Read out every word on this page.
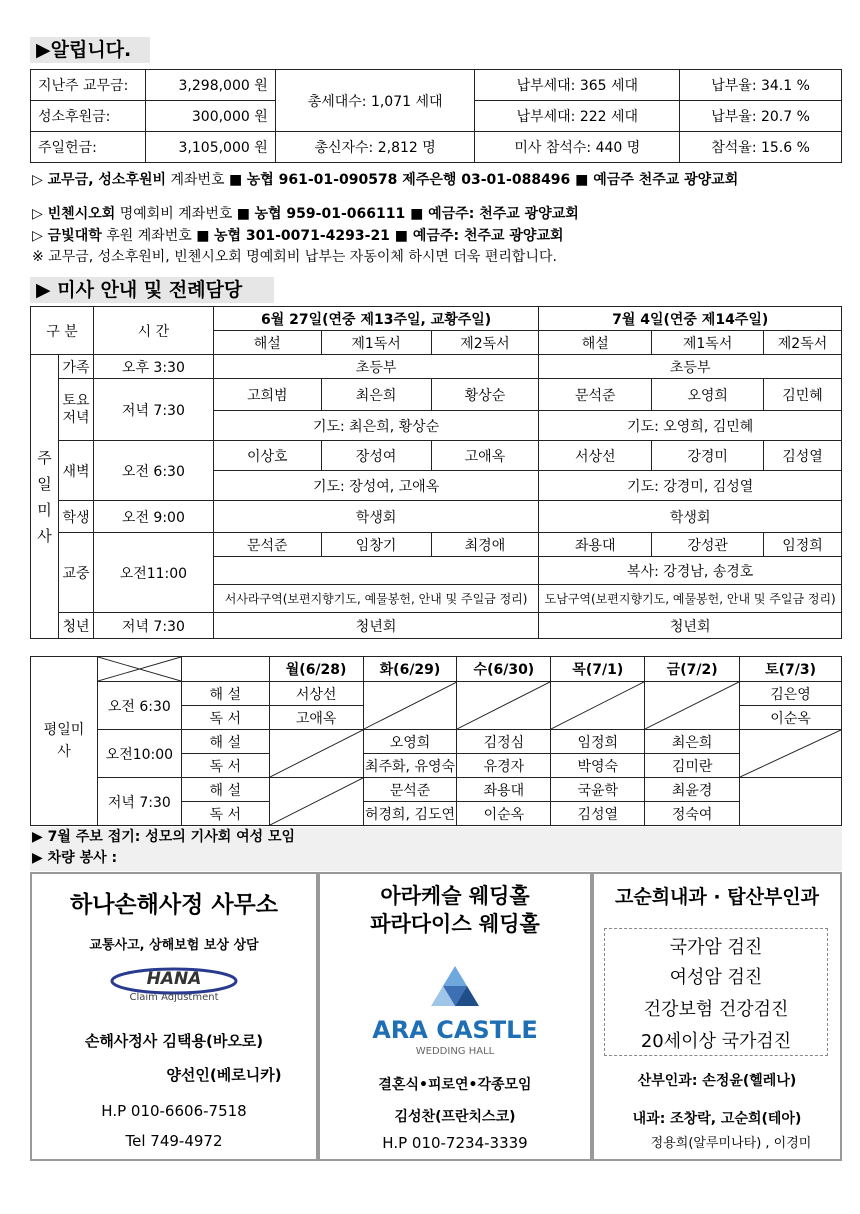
▶알립니다.
지난주 교무금:	3,298,000 원	총세대수: 1,071 세대	납부세대: 365 세대	납부율: 34.1 %
성소후원금:	300,000 원		납부세대: 222 세대	납부율: 20.7 %
주일헌금:	3,105,000 원	총신자수: 2,812 명	미사 참석수: 440 명	참석율: 15.6 %
▷ 교무금, 성소후원비 계좌번호 ■ 농협 961-01-090578 제주은행 03-01-088496 ■ 예금주 천주교 광양교회
▷ 빈첸시오회 명예회비 계좌번호 ■ 농협 959-01-066111 ■ 예금주: 천주교 광양교회
▷ 금빛대학 후원 계좌번호 ■ 농협 301-0071-4293-21 ■ 예금주: 천주교 광양교회
※ 교무금, 성소후원비, 빈첸시오회 명예회비 납부는 자동이체 하시면 더욱 편리합니다.
▶ 미사 안내 및 전례담당
구 분		시 간	6월 27일(연중 제13주일, 교황주일)			7월 4일(연중 제14주일)		
			해설	제1독서	제2독서	해설	제1독서	제2독서
주일미사	가족	오후 3:30	초등부			초등부		
	토요저녁	저녁 7:30	고희범	최은희	황상순	문석준	오영희	김민혜
			기도: 최은희, 황상순			기도: 오영희, 김민혜		
	새벽	오전 6:30	이상호	장성여	고애옥	서상선	강경미	김성열
			기도: 장성여, 고애옥			기도: 강경미, 김성열		
	학생	오전 9:00	학생회			학생회		
	교중	오전11:00	문석준	임창기	최경애	좌용대	강성관	임정희
						복사: 강경남, 송경호		
			서사라구역(보편지향기도, 예물봉헌, 안내 및 주일금 정리)			도남구역(보편지향기도, 예물봉헌, 안내 및 주일금 정리)		
	청년	저녁 7:30	청년회			청년회		
평일미사			월(6/28)	화(6/29)	수(6/30)	목(7/1)	금(7/2)	토(7/3)
	오전 6:30	해 설	서상선					김은영
		독 서	고애옥					이순옥
	오전10:00	해 설		오영희	김정심	임정희	최은희	

		독 서		최주화, 유영숙	유경자	박영숙	김미란	
	저녁 7:30	해 설		문석준	좌용대	국윤학	최윤경	
		독 서		허경희, 김도연	이순옥	김성열	정숙여	
▶ 7월 주보 접기: 성모의 기사회 여성 모임
▶ 차량 봉사 :
하나손해사정 사무소
교통사고, 상해보험 보상 상담
HANA
Claim Adjustment
손해사정사 김택용(바오로)
양선인(베로니카)
H.P 010-6606-7518
Tel 749-4972
아라케슬 웨딩홀
파라다이스 웨딩홀
ARA CASTLE
WEDDING HALL
결혼식•피로연•각종모임
김성찬(프란치스코)
H.P 010-7234-3339
고순희내과 · 탑산부인과
국가암 검진
여성암 검진
건강보험 건강검진
20세이상 국가검진
산부인과: 손정윤(헬레나)
내과: 조창락, 고순희(테아)
정용희(알루미나타) , 이경미
